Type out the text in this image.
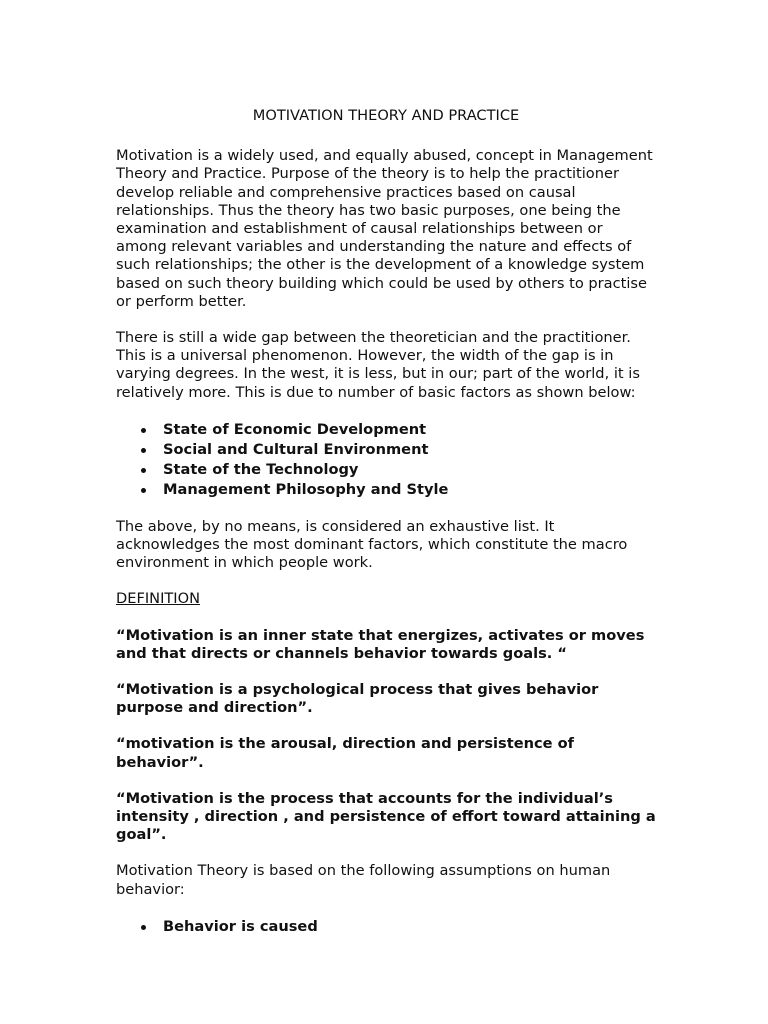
MOTIVATION THEORY AND PRACTICE

Motivation is a widely used, and equally abused, concept in Management Theory and Practice. Purpose of the theory is to help the practitioner develop reliable and comprehensive practices based on causal relationships. Thus the theory has two basic purposes, one being the examination and establishment of causal relationships between or among relevant variables and understanding the nature and effects of such relationships; the other is the development of a knowledge system based on such theory building which could be used by others to practise or perform better.

There is still a wide gap between the theoretician and the practitioner. This is a universal phenomenon. However, the width of the gap is in varying degrees. In the west, it is less, but in our; part of the world, it is relatively more. This is due to number of basic factors as shown below:

State of Economic Development
Social and Cultural Environment
State of the Technology
Management Philosophy and Style

The above, by no means, is considered an exhaustive list. It acknowledges the most dominant factors, which constitute the macro environment in which people work.

DEFINITION

“Motivation is an inner state that energizes, activates or moves and that directs or channels behavior towards goals. “

“Motivation is a psychological process that gives behavior purpose and direction”.

“motivation is the arousal, direction and persistence of behavior”.

“Motivation is the process that accounts for the individual’s intensity , direction , and persistence of effort toward attaining a goal”.

Motivation Theory is based on the following assumptions on human behavior:

Behavior is caused
